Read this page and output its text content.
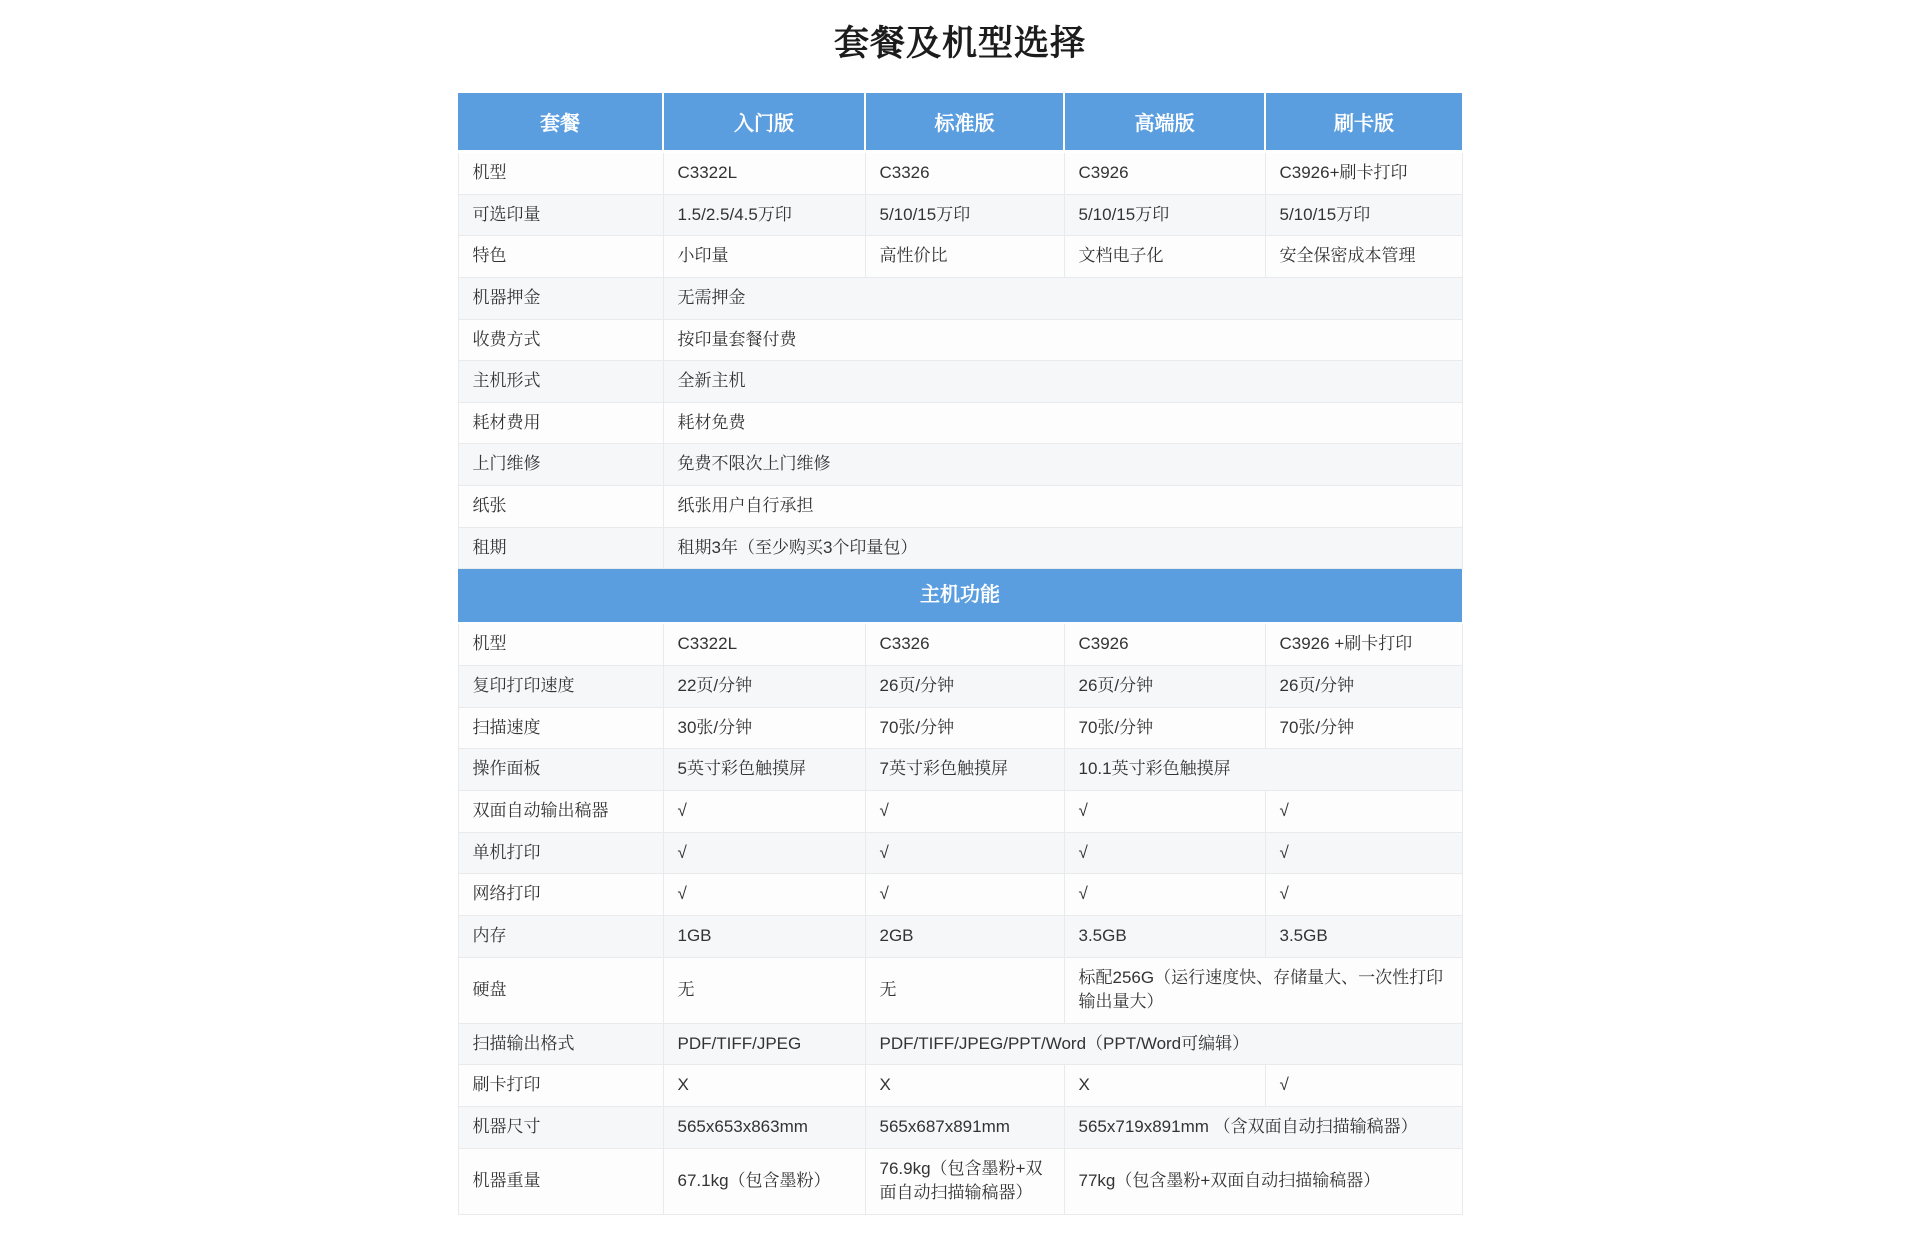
套餐及机型选择
套餐	入门版	标准版	高端版	刷卡版
机型	C3322L	C3326	C3926	C3926+刷卡打印
可选印量	1.5/2.5/4.5万印	5/10/15万印	5/10/15万印	5/10/15万印
特色	小印量	高性价比	文档电子化	安全保密成本管理
机器押金	无需押金			
收费方式	按印量套餐付费			
主机形式	全新主机			
耗材费用	耗材免费			
上门维修	免费不限次上门维修			
纸张	纸张用户自行承担			
租期	租期3年（至少购买3个印量包）			
主机功能				
机型	C3322L	C3326	C3926	C3926 +刷卡打印
复印打印速度	22页/分钟	26页/分钟	26页/分钟	26页/分钟
扫描速度	30张/分钟	70张/分钟	70张/分钟	70张/分钟
操作面板	5英寸彩色触摸屏	7英寸彩色触摸屏	10.1英寸彩色触摸屏	
双面自动输出稿器	√	√	√	√
单机打印	√	√	√	√
网络打印	√	√	√	√
内存	1GB	2GB	3.5GB	3.5GB
硬盘	无	无	标配256G（运行速度快、存储量大、一次性打印输出量大）	
扫描输出格式	PDF/TIFF/JPEG	PDF/TIFF/JPEG/PPT/Word（PPT/Word可编辑）		
刷卡打印	X	X	X	√
机器尺寸	565x653x863mm	565x687x891mm	565x719x891mm （含双面自动扫描输稿器）	
机器重量	67.1kg（包含墨粉）	76.9kg（包含墨粉+双面自动扫描输稿器）	77kg（包含墨粉+双面自动扫描输稿器）	
